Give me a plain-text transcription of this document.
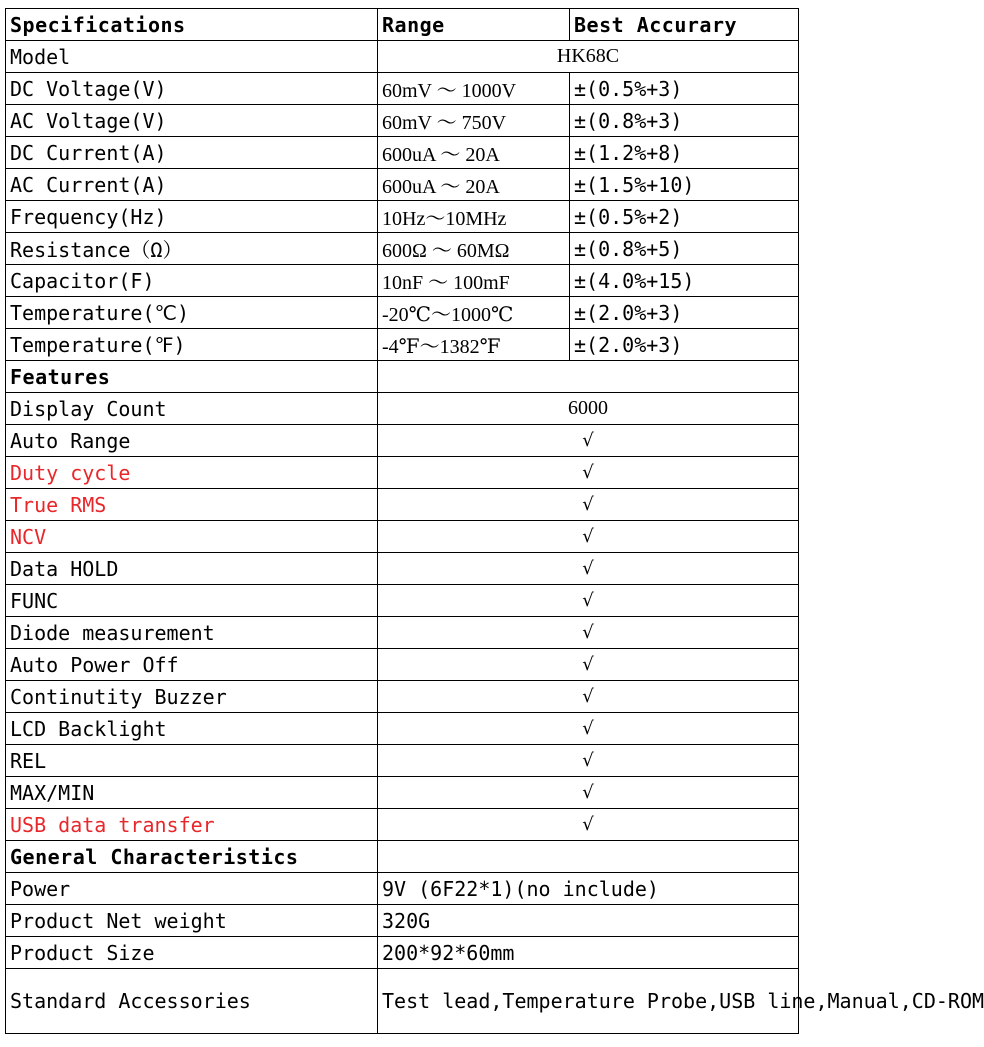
Specifications	Range	Best Accurary
Model	HK68C	
DC Voltage(V)	60mV ～ 1000V	±(0.5%+3)
AC Voltage(V)	60mV ～ 750V	±(0.8%+3)
DC Current(A)	600uA ～ 20A	±(1.2%+8)
AC Current(A)	600uA ～ 20A	±(1.5%+10)
Frequency(Hz)	10Hz～10MHz	±(0.5%+2)
Resistance（Ω）	600Ω ～ 60MΩ	±(0.8%+5)
Capacitor(F)	10nF ～ 100mF	±(4.0%+15)
Temperature(℃)	-20℃～1000℃	±(2.0%+3)
Temperature(℉)	-4℉～1382℉	±(2.0%+3)
Features		
Display Count	6000	
Auto Range	√	
Duty cycle	√	
True RMS	√	
NCV	√	
Data HOLD	√	
FUNC	√	
Diode measurement	√	
Auto Power Off	√	
Continutity Buzzer	√	
LCD Backlight	√	
REL	√	
MAX/MIN	√	
USB data transfer	√	
General Characteristics		
Power	9V (6F22*1)(no include)	
Product Net weight	320G	
Product Size	200*92*60mm	
Standard Accessories	Test lead,Temperature Probe,USB line,Manual,CD-ROM	
